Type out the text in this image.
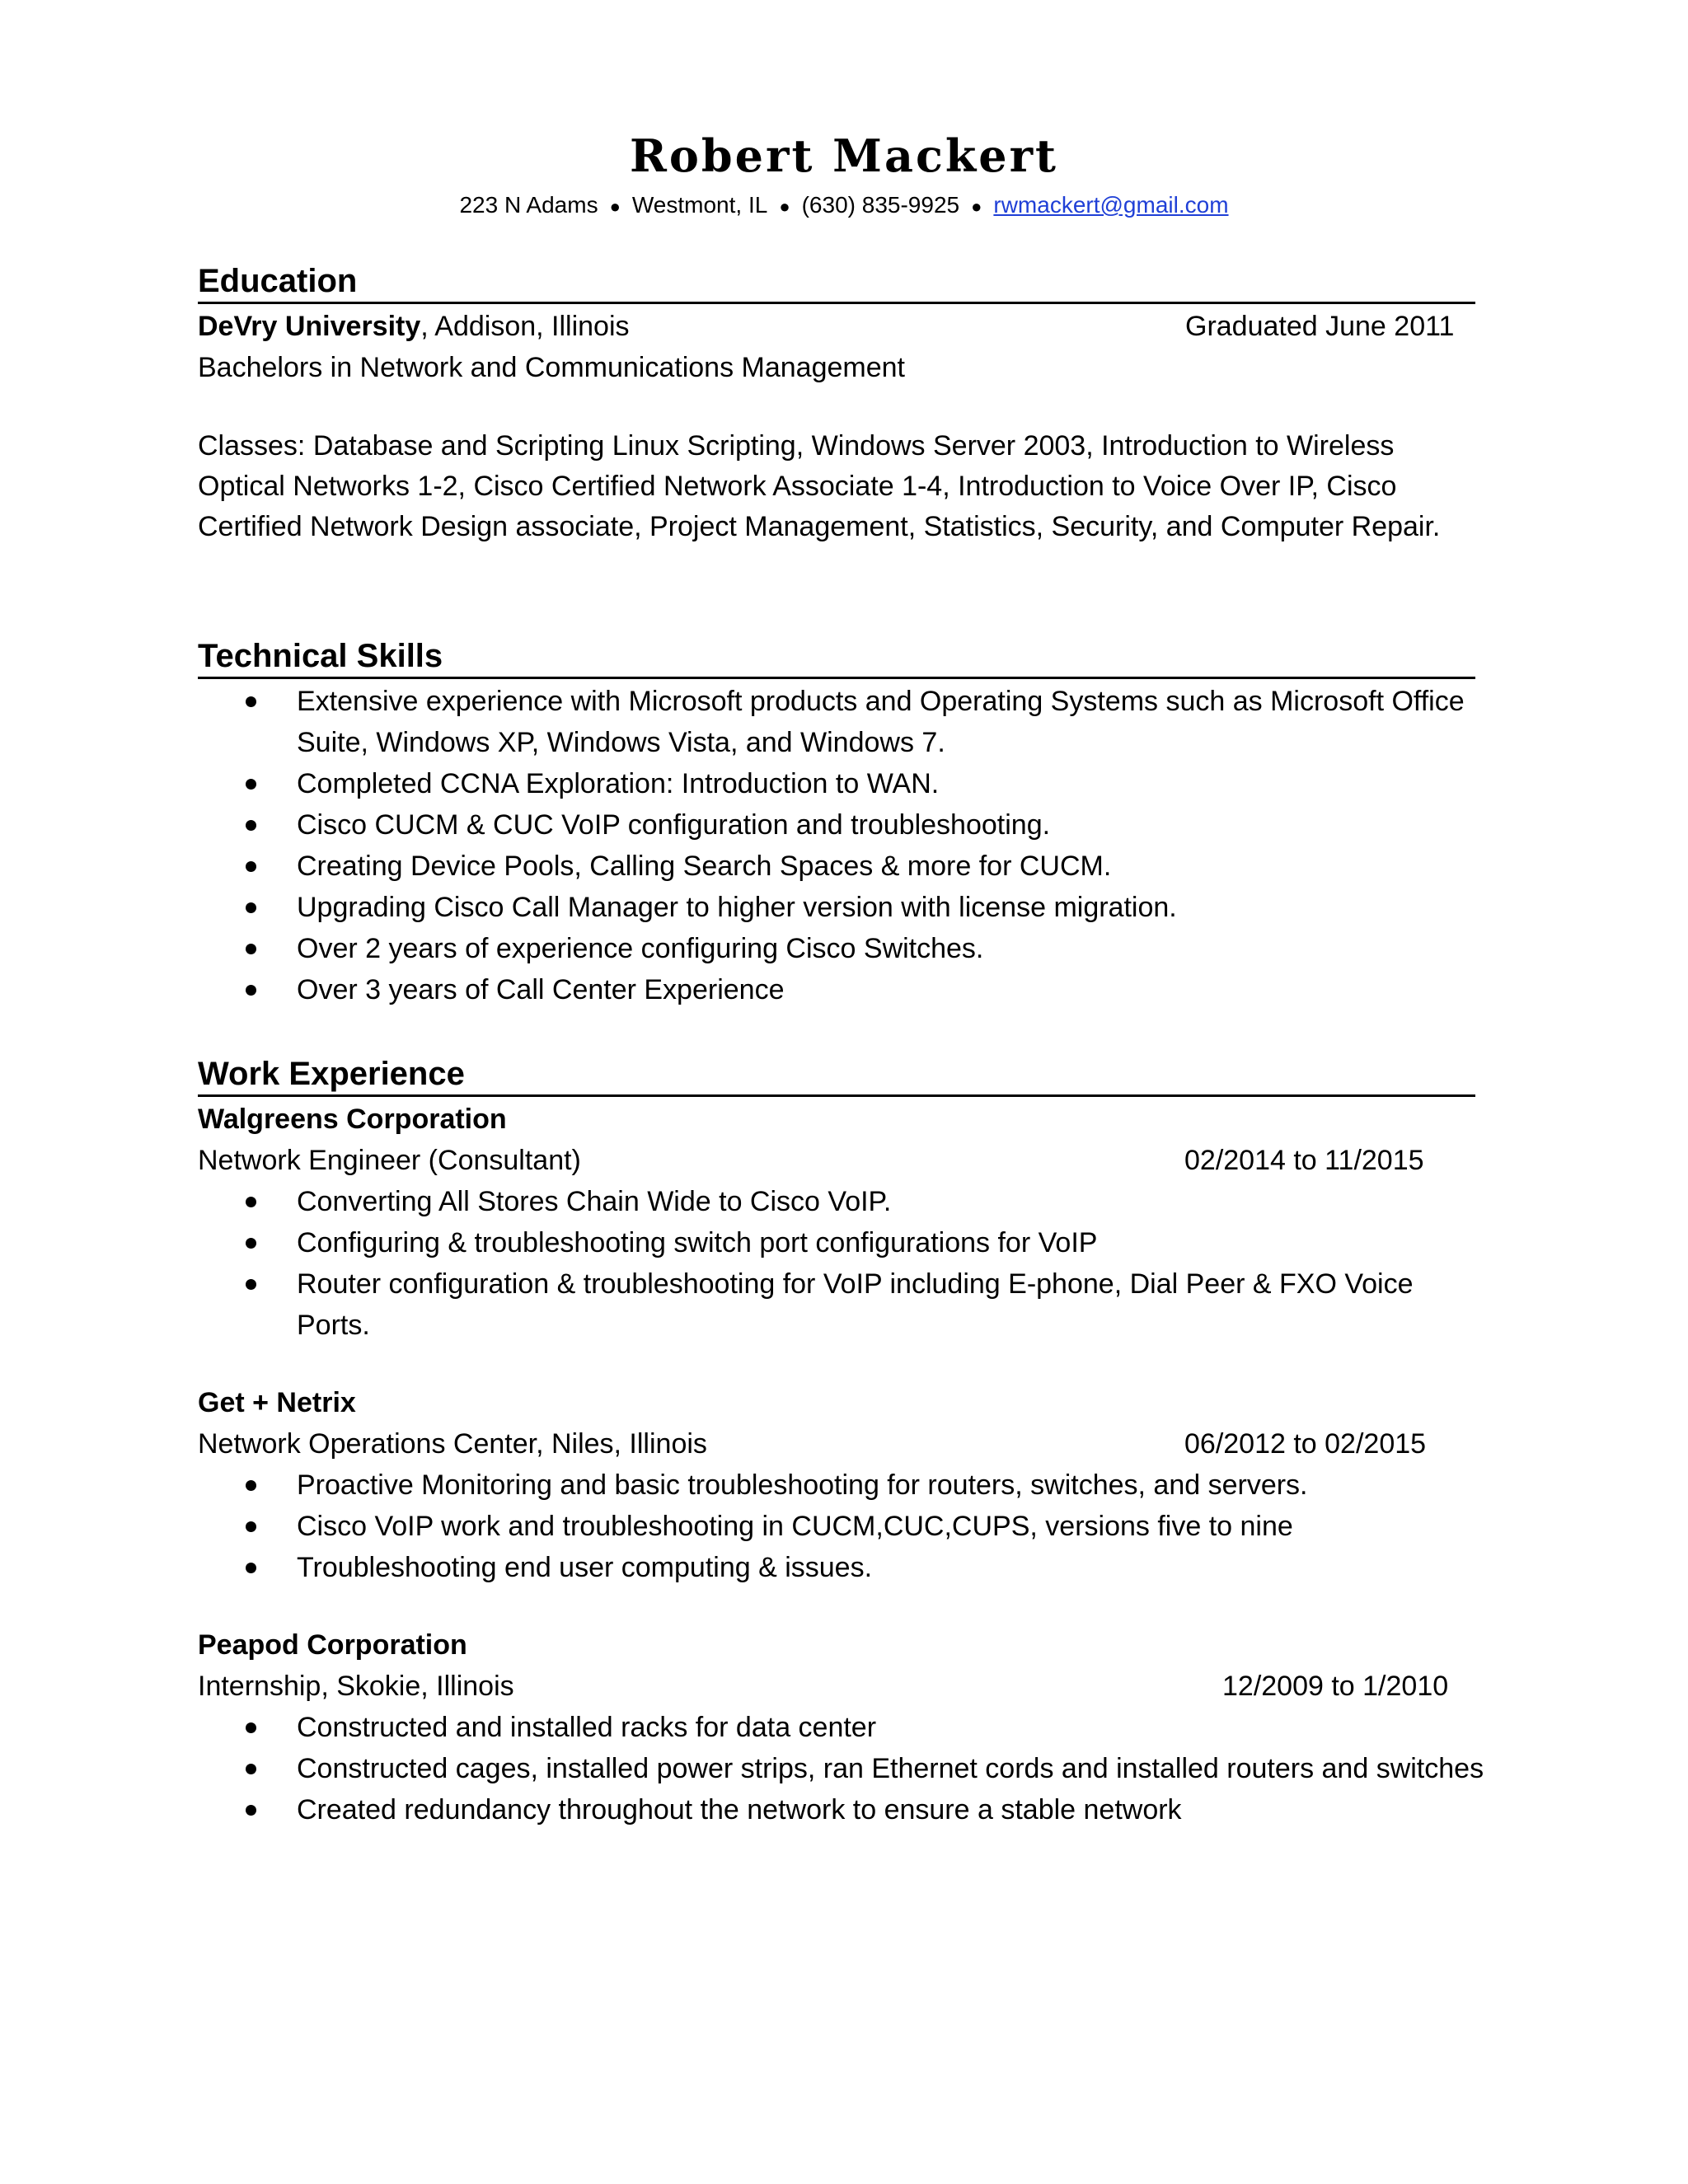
Robert Mackert
223 N Adams ● Westmont, IL ● (630) 835-9925 ● rwmackert@gmail.com
Education
DeVry University, Addison, Illinois	Graduated June 2011
Bachelors in Network and Communications Management

Classes: Database and Scripting Linux Scripting, Windows Server 2003, Introduction to Wireless Optical Networks 1-2, Cisco Certified Network Associate 1-4, Introduction to Voice Over IP, Cisco Certified Network Design associate, Project Management, Statistics, Security, and Computer Repair.

Technical Skills
Extensive experience with Microsoft products and Operating Systems such as Microsoft Office Suite, Windows XP, Windows Vista, and Windows 7.
Completed CCNA Exploration: Introduction to WAN.
Cisco CUCM & CUC VoIP configuration and troubleshooting.
Creating Device Pools, Calling Search Spaces & more for CUCM.
Upgrading Cisco Call Manager to higher version with license migration.
Over 2 years of experience configuring Cisco Switches.
Over 3 years of Call Center Experience
Work Experience
Walgreens Corporation
Network Engineer (Consultant)	02/2014 to 11/2015
Converting All Stores Chain Wide to Cisco VoIP.
Configuring & troubleshooting switch port configurations for VoIP
Router configuration & troubleshooting for VoIP including E-phone, Dial Peer & FXO Voice Ports.
Get + Netrix
Network Operations Center, Niles, Illinois	06/2012 to 02/2015
Proactive Monitoring and basic troubleshooting for routers, switches, and servers.
Cisco VoIP work and troubleshooting in CUCM,CUC,CUPS, versions five to nine
Troubleshooting end user computing & issues.
Peapod Corporation
Internship, Skokie, Illinois	12/2009 to 1/2010
Constructed and installed racks for data center
Constructed cages, installed power strips, ran Ethernet cords and installed routers and switches
Created redundancy throughout the network to ensure a stable network
